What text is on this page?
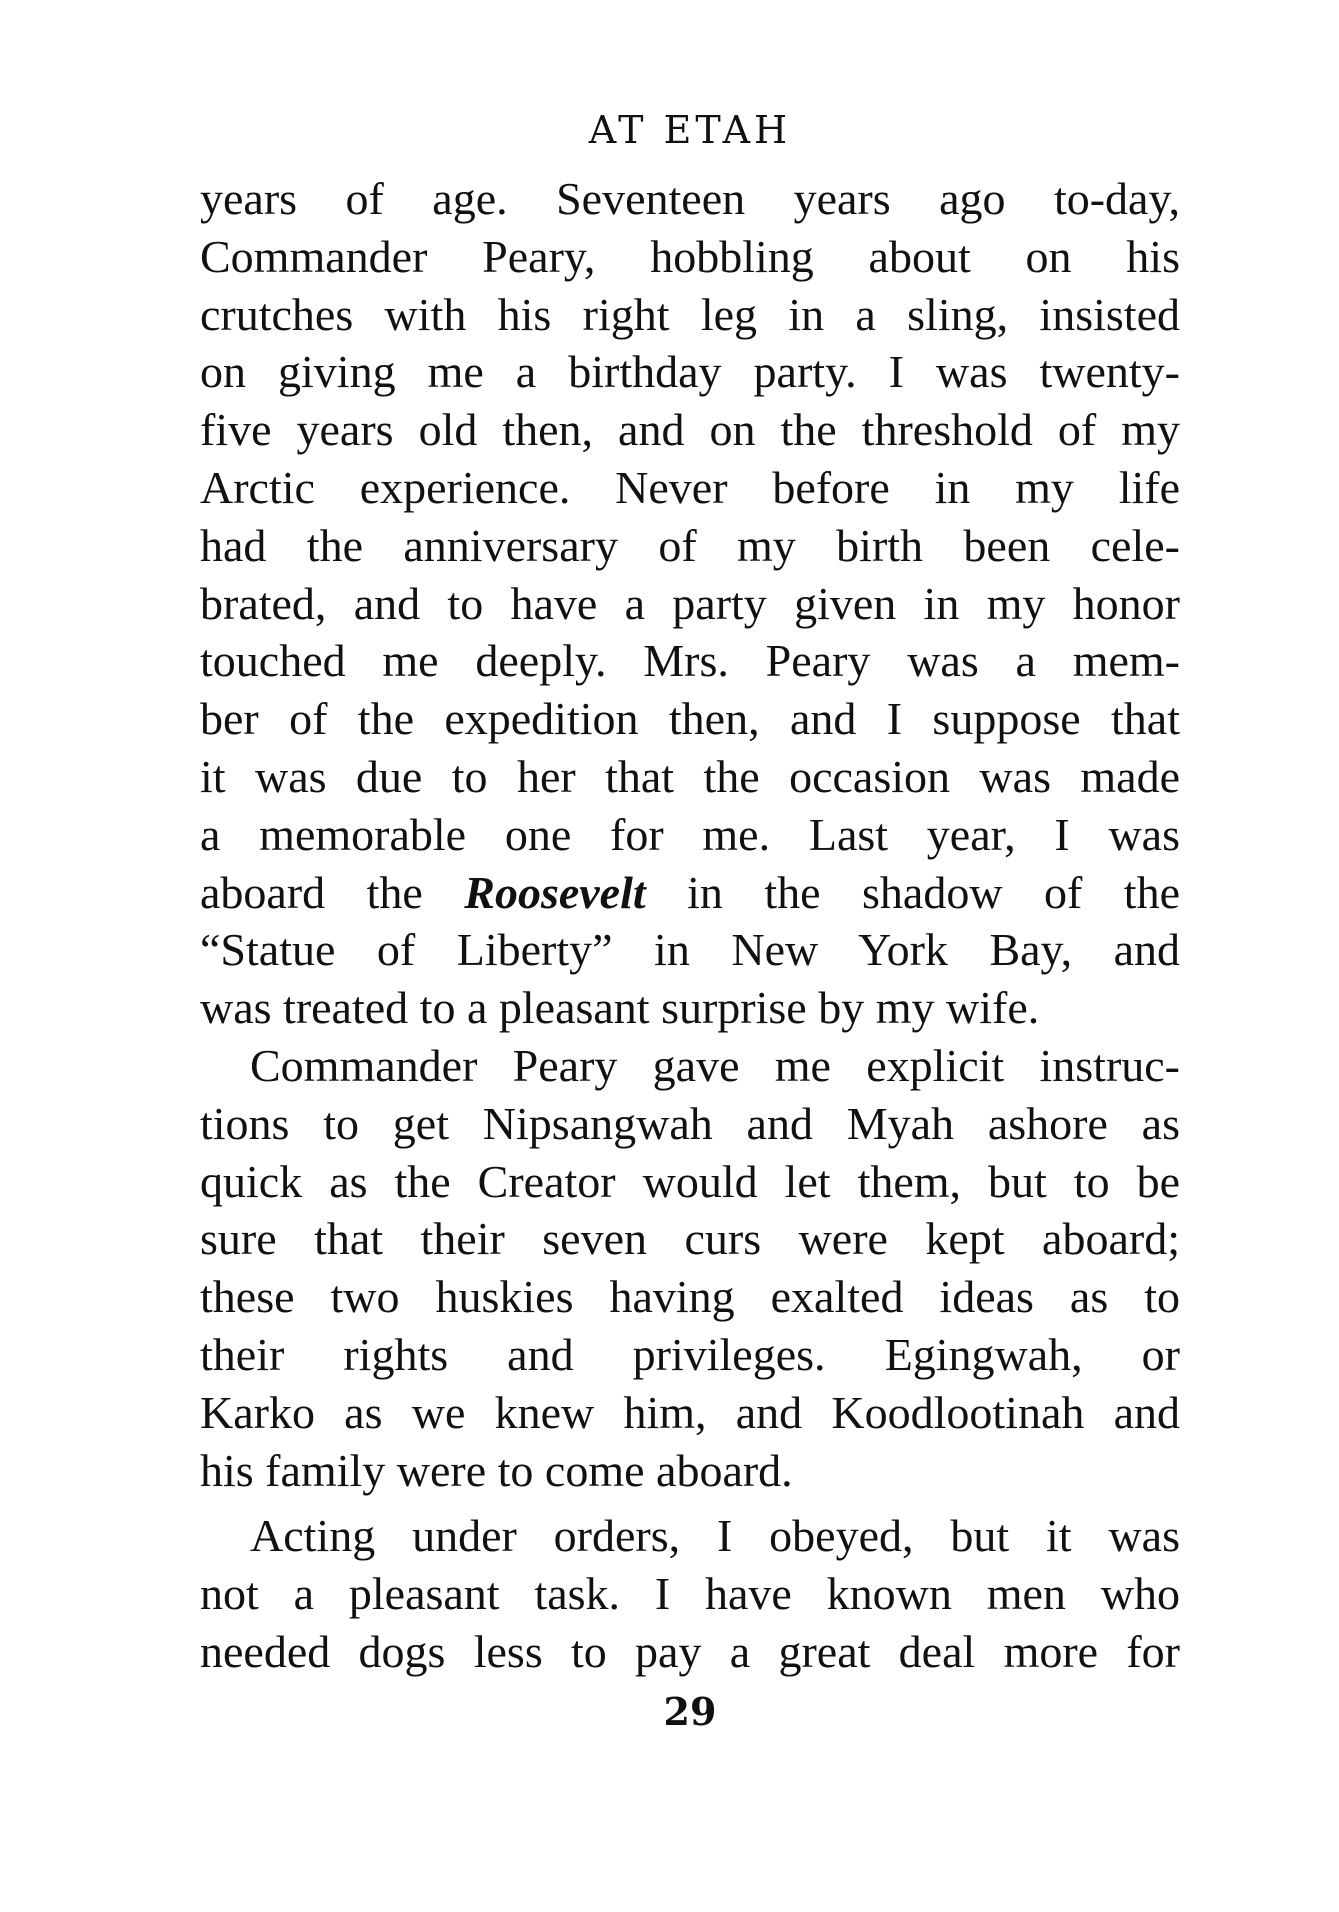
AT ETAH
years of age. Seventeen years ago to-day,
Commander Peary, hobbling about on his
crutches with his right leg in a sling, insisted
on giving me a birthday party. I was twenty-
five years old then, and on the threshold of my
Arctic experience. Never before in my life
had the anniversary of my birth been cele-
brated, and to have a party given in my honor
touched me deeply. Mrs. Peary was a mem-
ber of the expedition then, and I suppose that
it was due to her that the occasion was made
a memorable one for me. Last year, I was
aboard the Roosevelt in the shadow of the
“Statue of Liberty” in New York Bay, and
was treated to a pleasant surprise by my wife.
Commander Peary gave me explicit instruc-
tions to get Nipsangwah and Myah ashore as
quick as the Creator would let them, but to be
sure that their seven curs were kept aboard;
these two huskies having exalted ideas as to
their rights and privileges. Egingwah, or
Karko as we knew him, and Koodlootinah and
his family were to come aboard.
Acting under orders, I obeyed, but it was
not a pleasant task. I have known men who
needed dogs less to pay a great deal more for
29
